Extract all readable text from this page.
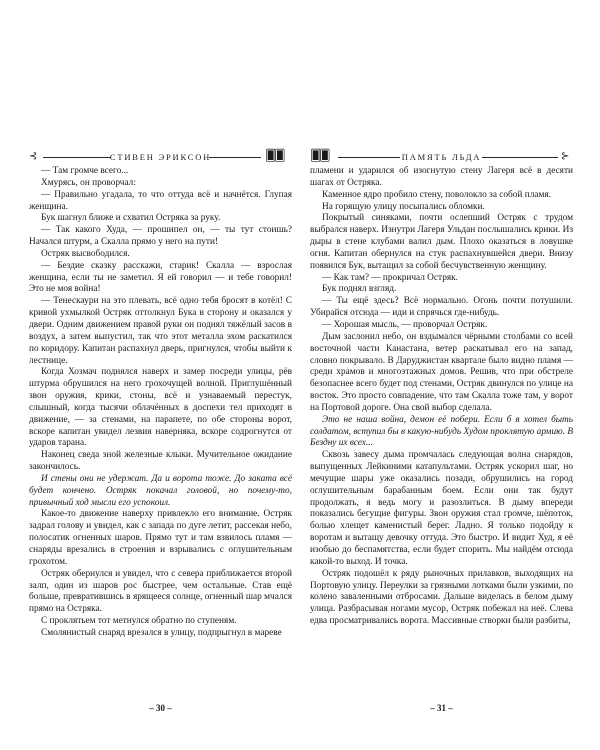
⊰	СТИВЕН ЭРИКСОН	🂠🂠

— Там громче всего...

Хмурясь, он проворчал:

— Правильно угадала, то что оттуда всё и начнётся. Глупая женщина.

Бук шагнул ближе и схватил Остряка за руку.

— Так какого Худа, — прошипел он, — ты тут стоишь? Начался штурм, а Скалла прямо у него на пути!

Остряк высвободился.

— Бездие сказку расскажи, старик! Скалла — взрослая женщина, если ты не заметил. Я ей говорил — и тебе говорил! Это не моя война!

— Тенескаури на это плевать, всё одно тебя бросят в котёл! С кривой ухмылкой Остряк оттолкнул Бука в сторону и оказался у двери. Одним движением правой руки он поднял тяжёлый засов в воздух, а затем выпустил, так что этот металла эхом раскатился по коридору. Капитан распахнул дверь, пригнулся, чтобы выйти к лестнице.

Когда Хозмач поднялся наверх и замер посреди улицы, рёв штурма обрушился на него грохочущей волной. Приглушённый звон оружия, крики, стоны, всё и узнаваемый перестук, слышный, когда тысячи облачённых в доспехи тел приходят в движение, — за стенами, на парапете, по обе стороны ворот, вскоре капитан увидел лезвия наверняка, вскоре содрогнутся от ударов тарана.

Наконец сведа зной железные клыки. Мучительное ожидание закончилось.

И стены они не удержат. Да и ворота тоже. До заката всё будет кончено. Остряк покачал головой, но почему-то, привычный ход мысли его успокоил.

Какое-то движение наверху привлекло его внимание. Остряк задрал голову и увидел, как с запада по дуге летит, рассекая небо, полосатик огненных шаров. Прямо тут и там взвилось пламя — снаряды врезались в строения и взрывались с оглушительным грохотом.

Остряк обернулся и увидел, что с севера приближается второй залп, один из шаров рос быстрее, чем остальные. Став ещё больше, превратившись в ярящееся солнце, огненный шар мчался прямо на Остряка.

С проклятьем тот метнулся обратно по ступеням.

Смолянистый снаряд врезался в улицу, подпрыгнул в мареве

– 30 –
🂠🂠	ПАМЯТЬ ЛЬДА	⊱

пламени и ударился об изогнутую стену Лагеря всё в десяти шагах от Остряка.

Каменное ядро пробило стену, поволокло за собой пламя.

На горящую улицу посыпались обломки.

Покрытый синяками, почти ослепший Остряк с трудом выбрался наверх. Изнутри Лагеря Ульдан послышались крики. Из дыры в стене клубами валил дым. Плохо оказаться в ловушке огня. Капитан обернулся на стук распахнувшейся двери. Внизу появился Бук, вытащил за собой бесчувственную женщину.

— Как там? — прокричал Остряк.

Бук поднял взгляд.

— Ты ещё здесь? Всё нормально. Огонь почти потушили. Убирайся отсюда — иди и спрячься где-нибудь.

— Хорошая мысль, — проворчал Остряк.

Дым заслонил небо, он вздымался чёрными столбами со всей восточной части Канастана, ветер раскатывал его на запад, словно покрывало. В Даруджистан квартале было видно пламя — среди храмов и многоэтажных домов. Решив, что при обстреле безопаснее всего будет под стенами, Остряк двинулся по улице на восток. Это просто совпадение, что там Скалла тоже там, у ворот на Портовой дороге. Она свой выбор сделала.

Это не наша война, демон её побери. Если б я хотел быть солдатом, вступил бы в какую-нибудь Худом проклятую армию. В Бездну их всех...

Сквозь завесу дыма промчалась следующая волна снарядов, выпущенных Лейкиними катапультами. Остряк ускорил шаг, но мечущие шары уже оказались позади, обрушились на город оглушительным барабанным боем. Если они так будут продолжать, я ведь могу и разозлиться. В дыму впереди показались бегущие фигуры. Звон оружия стал громче, шёпоток, болью хлещет каменистый берег. Ладно. Я только подойду к воротам и вытащу девочку оттуда. Это быстро. И видит Худ, я её изобью до беспамятства, если будет спорить. Мы найдём отсюда какой-то выход. И точка.

Остряк подошёл к ряду рыночных прилавков, выходящих на Портовую улицу. Переулки за грязными лотками были узкими, по колено заваленными отбросами. Дальше виделась в белом дыму улица. Разбрасывая ногами мусор, Остряк побежал на неё. Слева едва просматривались ворота. Массивные створки были разбиты,

– 31 –
